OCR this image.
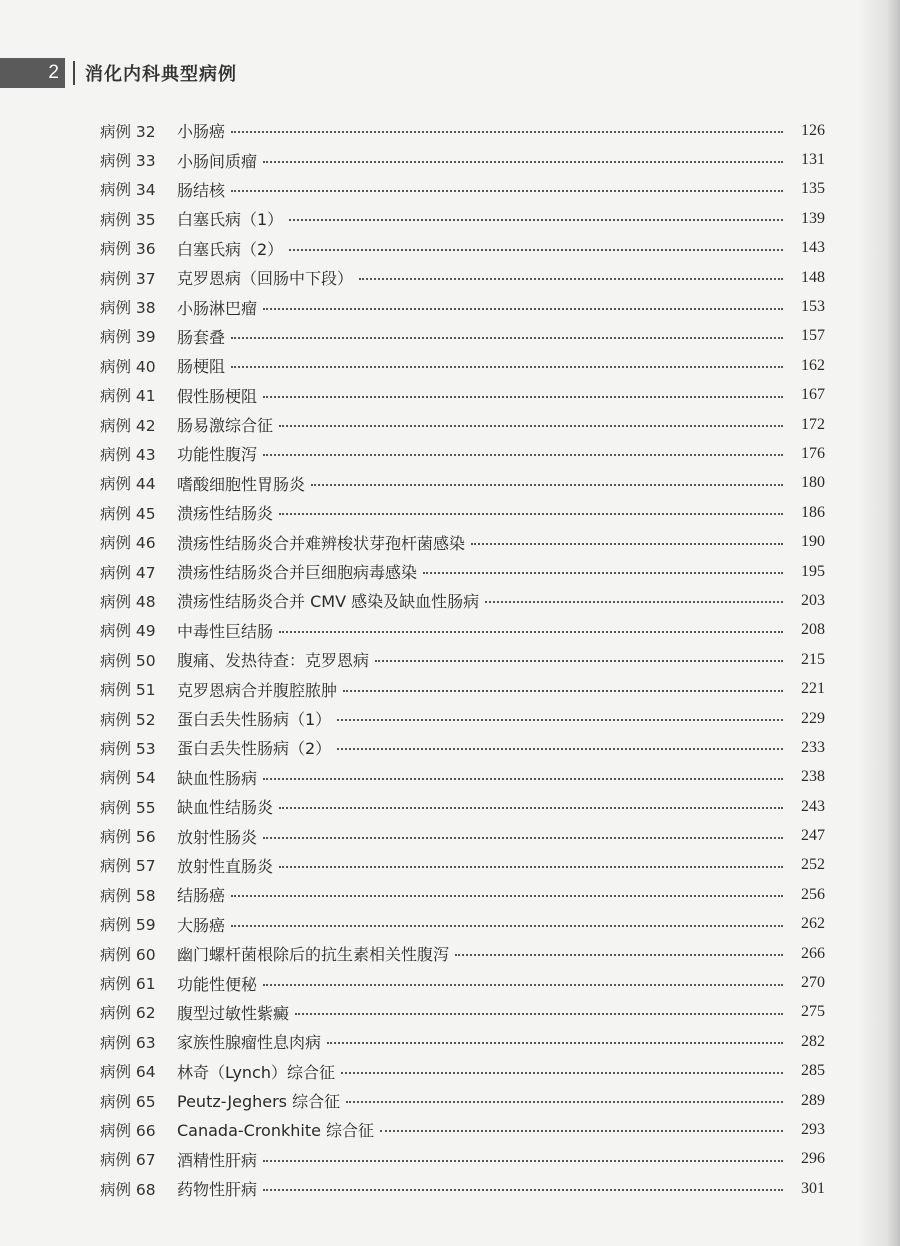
2 消化内科典型病例
病例 32	小肠癌	126
病例 33	小肠间质瘤	131
病例 34	肠结核	135
病例 35	白塞氏病（1）	139
病例 36	白塞氏病（2）	143
病例 37	克罗恩病（回肠中下段）	148
病例 38	小肠淋巴瘤	153
病例 39	肠套叠	157
病例 40	肠梗阻	162
病例 41	假性肠梗阻	167
病例 42	肠易激综合征	172
病例 43	功能性腹泻	176
病例 44	嗜酸细胞性胃肠炎	180
病例 45	溃疡性结肠炎	186
病例 46	溃疡性结肠炎合并难辨梭状芽孢杆菌感染	190
病例 47	溃疡性结肠炎合并巨细胞病毒感染	195
病例 48	溃疡性结肠炎合并 CMV 感染及缺血性肠病	203
病例 49	中毒性巨结肠	208
病例 50	腹痛、发热待查：克罗恩病	215
病例 51	克罗恩病合并腹腔脓肿	221
病例 52	蛋白丢失性肠病（1）	229
病例 53	蛋白丢失性肠病（2）	233
病例 54	缺血性肠病	238
病例 55	缺血性结肠炎	243
病例 56	放射性肠炎	247
病例 57	放射性直肠炎	252
病例 58	结肠癌	256
病例 59	大肠癌	262
病例 60	幽门螺杆菌根除后的抗生素相关性腹泻	266
病例 61	功能性便秘	270
病例 62	腹型过敏性紫癜	275
病例 63	家族性腺瘤性息肉病	282
病例 64	林奇（Lynch）综合征	285
病例 65	Peutz-Jeghers 综合征	289
病例 66	Canada-Cronkhite 综合征	293
病例 67	酒精性肝病	296
病例 68	药物性肝病	301
